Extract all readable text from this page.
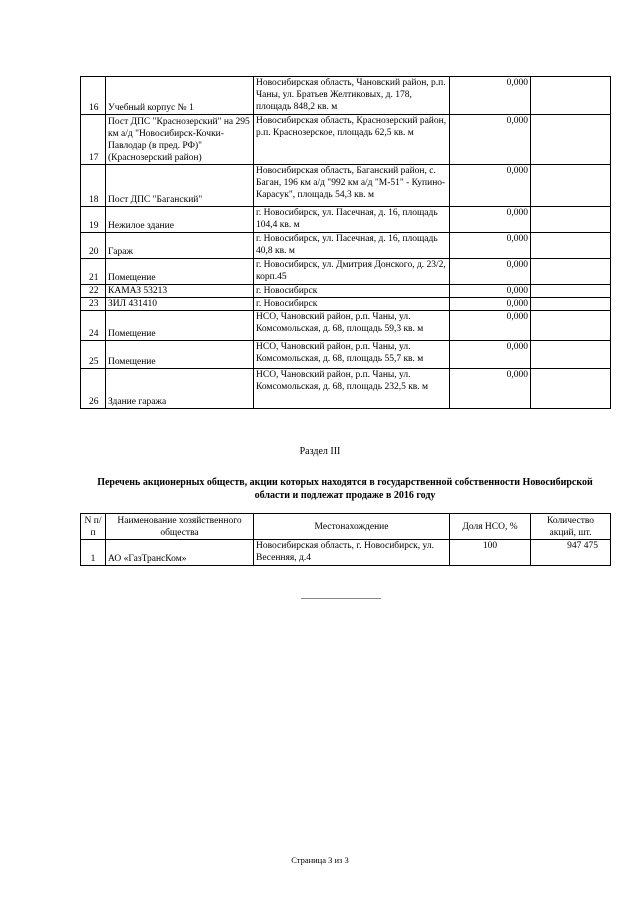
16	Учебный корпус № 1	Новосибирская область, Чановский район, р.п. Чаны, ул. Братьев Желтиковых, д. 178, площадь 848,2 кв. м	0,000	
17	Пост ДПС "Краснозерский" на 295 км а/д "Новосибирск-Кочки-Павлодар (в пред. РФ)" (Краснозерский район)	Новосибирская область, Краснозерский район, р.п. Краснозерское, площадь 62,5 кв. м	0,000	
18	Пост ДПС "Баганский"	Новосибирская область, Баганский район, с. Баган, 196 км а/д "992 км а/д "М-51" - Купино-Карасук", площадь 54,3 кв. м	0,000	
19	Нежилое здание	г. Новосибирск, ул. Пасечная, д. 16, площадь 104,4 кв. м	0,000	
20	Гараж	г. Новосибирск, ул. Пасечная, д. 16, площадь 40,8 кв. м	0,000	
21	Помещение	г. Новосибирск, ул. Дмитрия Донского, д. 23/2, корп.45	0,000	
22	КАМАЗ 53213	г. Новосибирск	0,000	
23	ЗИЛ 431410	г. Новосибирск	0,000	
24	Помещение	НСО, Чановский район, р.п. Чаны, ул. Комсомольская, д. 68, площадь 59,3 кв. м	0,000	
25	Помещение	НСО, Чановский район, р.п. Чаны, ул. Комсомольская, д. 68, площадь 55,7 кв. м	0,000	
26	Здание гаража	НСО, Чановский район, р.п. Чаны, ул. Комсомольская, д. 68, площадь 232,5 кв. м	0,000	
Раздел III
Перечень акционерных обществ, акции которых находятся в государственной собственности Новосибирской области и подлежат продаже в 2016 году
N п/п	Наименование хозяйственного общества	Местонахождение	Доля НСО, %	Количество акций, шт.
1	АО «ГазТрансКом»	Новосибирская область, г. Новосибирск, ул. Весенняя, д.4	100	947 475
Страница 3 из 3
